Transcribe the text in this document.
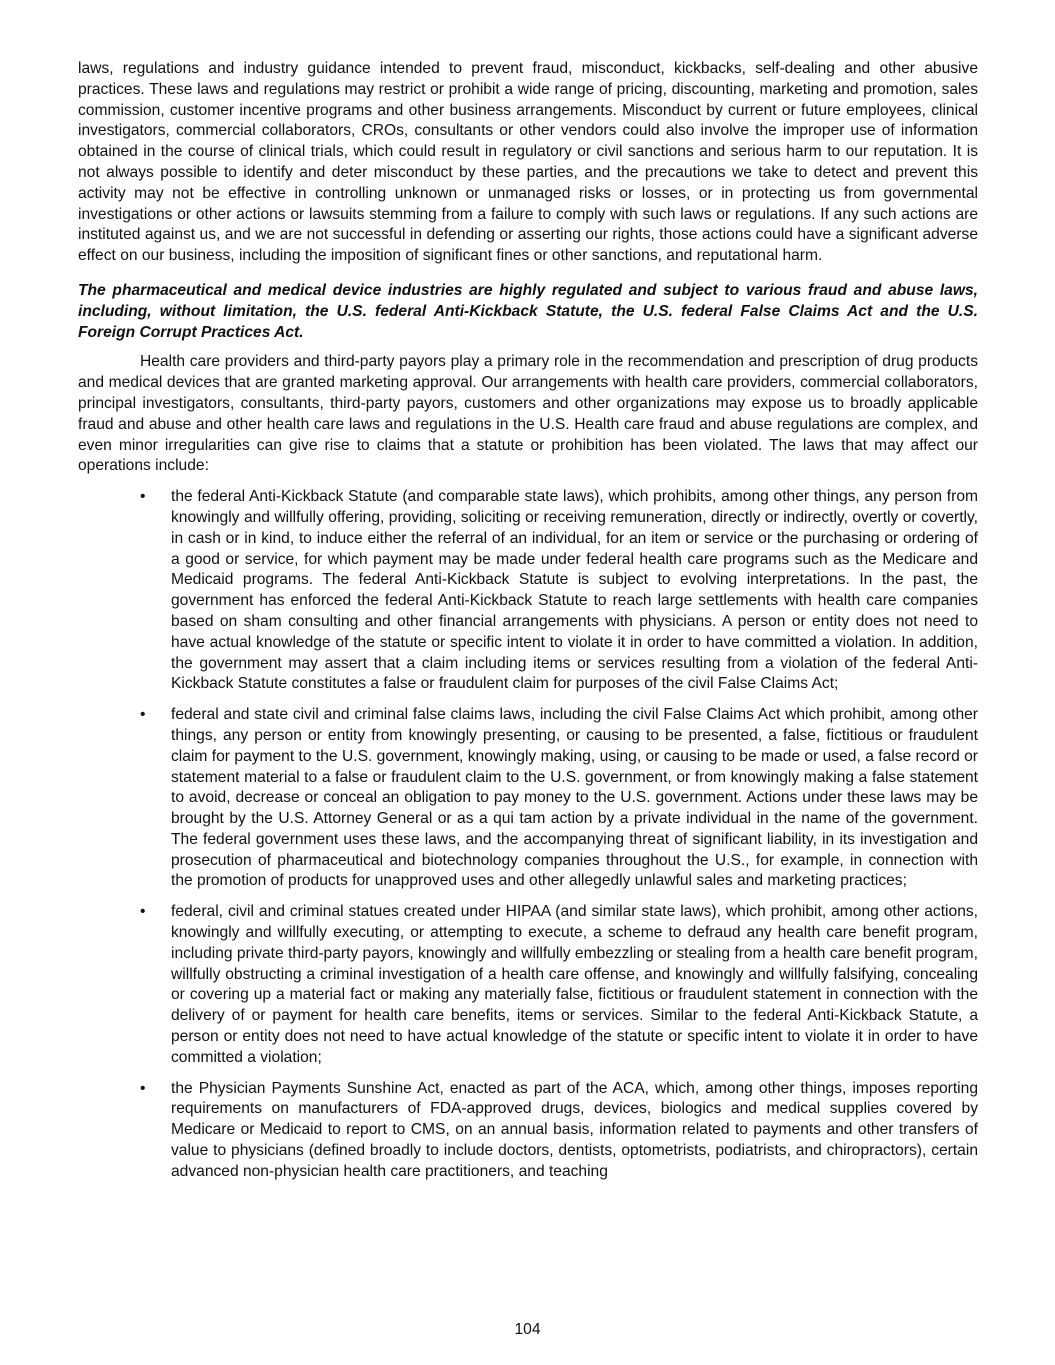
laws, regulations and industry guidance intended to prevent fraud, misconduct, kickbacks, self-dealing and other abusive practices. These laws and regulations may restrict or prohibit a wide range of pricing, discounting, marketing and promotion, sales commission, customer incentive programs and other business arrangements. Misconduct by current or future employees, clinical investigators, commercial collaborators, CROs, consultants or other vendors could also involve the improper use of information obtained in the course of clinical trials, which could result in regulatory or civil sanctions and serious harm to our reputation. It is not always possible to identify and deter misconduct by these parties, and the precautions we take to detect and prevent this activity may not be effective in controlling unknown or unmanaged risks or losses, or in protecting us from governmental investigations or other actions or lawsuits stemming from a failure to comply with such laws or regulations. If any such actions are instituted against us, and we are not successful in defending or asserting our rights, those actions could have a significant adverse effect on our business, including the imposition of significant fines or other sanctions, and reputational harm.

The pharmaceutical and medical device industries are highly regulated and subject to various fraud and abuse laws, including, without limitation, the U.S. federal Anti-Kickback Statute, the U.S. federal False Claims Act and the U.S. Foreign Corrupt Practices Act.

Health care providers and third-party payors play a primary role in the recommendation and prescription of drug products and medical devices that are granted marketing approval. Our arrangements with health care providers, commercial collaborators, principal investigators, consultants, third-party payors, customers and other organizations may expose us to broadly applicable fraud and abuse and other health care laws and regulations in the U.S. Health care fraud and abuse regulations are complex, and even minor irregularities can give rise to claims that a statute or prohibition has been violated. The laws that may affect our operations include:

• the federal Anti-Kickback Statute (and comparable state laws), which prohibits, among other things, any person from knowingly and willfully offering, providing, soliciting or receiving remuneration, directly or indirectly, overtly or covertly, in cash or in kind, to induce either the referral of an individual, for an item or service or the purchasing or ordering of a good or service, for which payment may be made under federal health care programs such as the Medicare and Medicaid programs. The federal Anti-Kickback Statute is subject to evolving interpretations. In the past, the government has enforced the federal Anti-Kickback Statute to reach large settlements with health care companies based on sham consulting and other financial arrangements with physicians. A person or entity does not need to have actual knowledge of the statute or specific intent to violate it in order to have committed a violation. In addition, the government may assert that a claim including items or services resulting from a violation of the federal Anti-Kickback Statute constitutes a false or fraudulent claim for purposes of the civil False Claims Act;
• federal and state civil and criminal false claims laws, including the civil False Claims Act which prohibit, among other things, any person or entity from knowingly presenting, or causing to be presented, a false, fictitious or fraudulent claim for payment to the U.S. government, knowingly making, using, or causing to be made or used, a false record or statement material to a false or fraudulent claim to the U.S. government, or from knowingly making a false statement to avoid, decrease or conceal an obligation to pay money to the U.S. government. Actions under these laws may be brought by the U.S. Attorney General or as a qui tam action by a private individual in the name of the government. The federal government uses these laws, and the accompanying threat of significant liability, in its investigation and prosecution of pharmaceutical and biotechnology companies throughout the U.S., for example, in connection with the promotion of products for unapproved uses and other allegedly unlawful sales and marketing practices;
• federal, civil and criminal statues created under HIPAA (and similar state laws), which prohibit, among other actions, knowingly and willfully executing, or attempting to execute, a scheme to defraud any health care benefit program, including private third-party payors, knowingly and willfully embezzling or stealing from a health care benefit program, willfully obstructing a criminal investigation of a health care offense, and knowingly and willfully falsifying, concealing or covering up a material fact or making any materially false, fictitious or fraudulent statement in connection with the delivery of or payment for health care benefits, items or services. Similar to the federal Anti-Kickback Statute, a person or entity does not need to have actual knowledge of the statute or specific intent to violate it in order to have committed a violation;
• the Physician Payments Sunshine Act, enacted as part of the ACA, which, among other things, imposes reporting requirements on manufacturers of FDA-approved drugs, devices, biologics and medical supplies covered by Medicare or Medicaid to report to CMS, on an annual basis, information related to payments and other transfers of value to physicians (defined broadly to include doctors, dentists, optometrists, podiatrists, and chiropractors), certain advanced non-physician health care practitioners, and teaching
104
